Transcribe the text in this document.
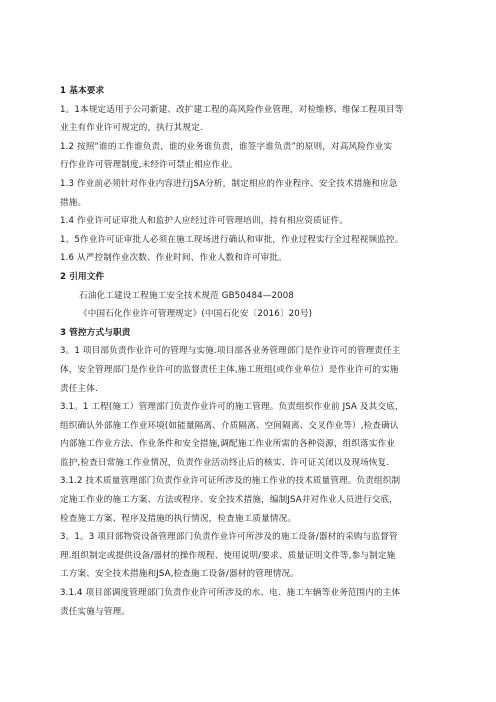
1 基本要求
1。1本规定适用于公司新建、改扩建工程的高风险作业管理，对检维修、维保工程项目等
业主有作业许可规定的，执行其规定.
1.2 按照“谁的工作谁负责，谁的业务谁负责，谁签字谁负责”的原则，对高风险作业实
行作业许可管理制度,未经许可禁止相应作业。
1.3 作业前必须针对作业内容进行JSA分析，制定相应的作业程序、安全技术措施和应急
措施。
1.4 作业许可证审批人和监护人应经过许可管理培训，持有相应资质证件。
1。5作业许可证审批人必须在施工现场进行确认和审批，作业过程实行全过程视频监控。
1.6 从严控制作业次数、作业时间、作业人数和许可审批。
2 引用文件
石油化工建设工程施工安全技术规范 GB50484—2008
《中国石化作业许可管理规定》(中国石化安〔2016〕20号)
3 管控方式与职责
3。1 项目部负责作业许可的管理与实施.项目部各业务管理部门是作业许可的管理责任主
体，安全管理部门是作业许可的监督责任主体,施工班组(或作业单位）是作业许可的实施
责任主体.
3.1。1 工程(施工）管理部门负责作业许可的施工管理。负责组织作业前 JSA 及其交底，
组织确认外部施工作业环境(如能量隔离、介质隔离、空间隔离、交叉作业等）,检查确认
内部施工作业方法、作业条件和安全措施,调配施工作业所需的各种资源，组织落实作业
监护,检查日常施工作业情况，负责作业活动终止后的核实、许可证关闭以及现场恢复.
3.1.2 技术质量管理部门负责作业许可证所涉及的施工作业的技术质量管理。负责组织制
定施工作业的施工方案、方法或程序、安全技术措施，编制JSA并对作业人员进行交底，
检查施工方案、程序及措施的执行情况，检查施工质量情况。
3。1。3 项目部物资设备管理部门负责作业许可所涉及的施工设备/器材的采购与监督管
理.组织制定或提供设备/器材的操作规程、使用说明/要求、质量证明文件等,参与制定施
工方案、安全技术措施和JSA,检查施工设备/器材的管理情况。
3.1.4 项目部调度管理部门负责作业许可所涉及的水、电、施工车辆等业务范围内的主体
责任实施与管理。
